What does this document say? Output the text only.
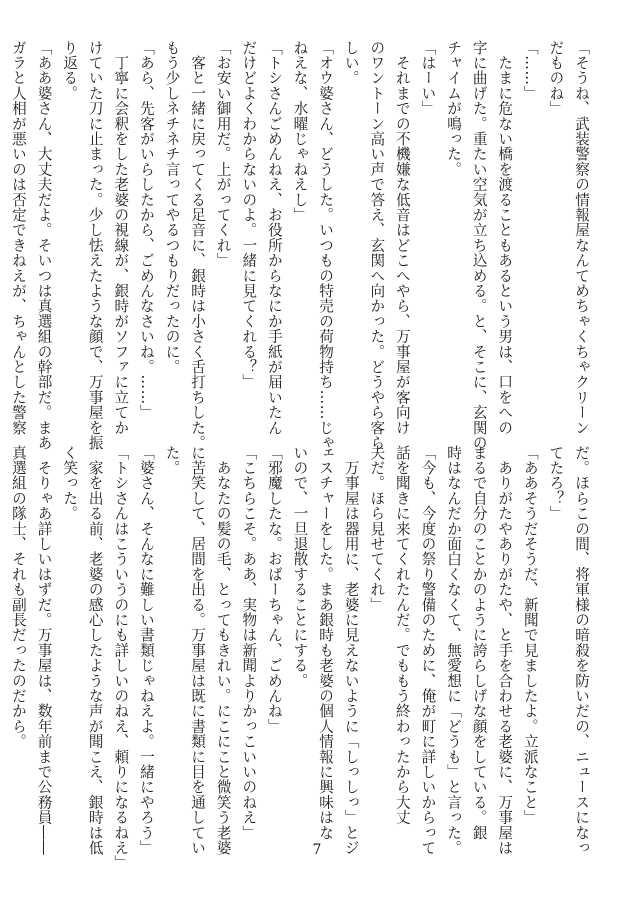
「そうね、武装警察の情報屋なんてめちゃくちゃクリーン
だものね」
「……」
　たまに危ない橋を渡ることもあるという男は、口をへの
字に曲げた。重たい空気が立ち込める。と、そこに、玄関の
チャイムが鳴った。
「はーい」
　それまでの不機嫌な低音はどこへやら、万事屋が客向け
のワントーン高い声で答え、玄関へ向かった。どうやら客ら
しい。
「オウ婆さん、どうした。いつもの特売の荷物持ち……じゃ
ねえな、水曜じゃねえし」
「トシさんごめんねえ、お役所からなにか手紙が届いたん
だけどよくわからないのよ。一緒に見てくれる？」
「お安い御用だ。上がってくれ」
　客と一緒に戻ってくる足音に、銀時は小さく舌打ちした。
もう少しネチネチ言ってやるつもりだったのに。
「あら、先客がいらしたから、ごめんなさいね。……」
　丁寧に会釈をした老婆の視線が、銀時がソファに立てか
けていた刀に止まった。少し怯えたような顔で、万事屋を振
り返る。
「ああ婆さん、大丈夫だよ。そいつは真選組の幹部だ。まあ
ガラと人相が悪いのは否定できねえが、ちゃんとした警察
だ。ほらこの間、将軍様の暗殺を防いだの、ニュースになっ
てたろ？」
「ああそうだそうだ、新聞で見ましたよ。立派なこと」
　ありがたやありがたや、と手を合わせる老婆に、万事屋は
まるで自分のことかのように誇らしげな顔をしている。銀
時はなんだか面白くなくて、無愛想に「どうも」と言った。
「今も、今度の祭り警備のために、俺が町に詳しいからって
話を聞きに来てくれたんだ。でももう終わったから大丈
夫だ。ほら見せてくれ」
　万事屋は器用に、老婆に見えないように「しっしっ」とジ
ェスチャーをした。まあ銀時も老婆の個人情報に興味はな
いので、一旦退散することにする。
「邪魔したな。おばーちゃん、ごめんね」
「こちらこそ。ああ、実物は新聞よりかっこいいのねえ」
　あなたの髪の毛、とってもきれい。にこにこと微笑う老婆
に苦笑して、居間を出る。万事屋は既に書類に目を通してい
た。
「婆さん、そんなに難しい書類じゃねえよ。一緒にやろう」
「トシさんはこういうのにも詳しいのねえ、頼りになるねえ」
　家を出る前、老婆の感心したような声が聞こえ、銀時は低
く笑った。
　そりゃあ詳しいはずだ。万事屋は、数年前まで公務員――
真選組の隊士、それも副長だったのだから。
7
